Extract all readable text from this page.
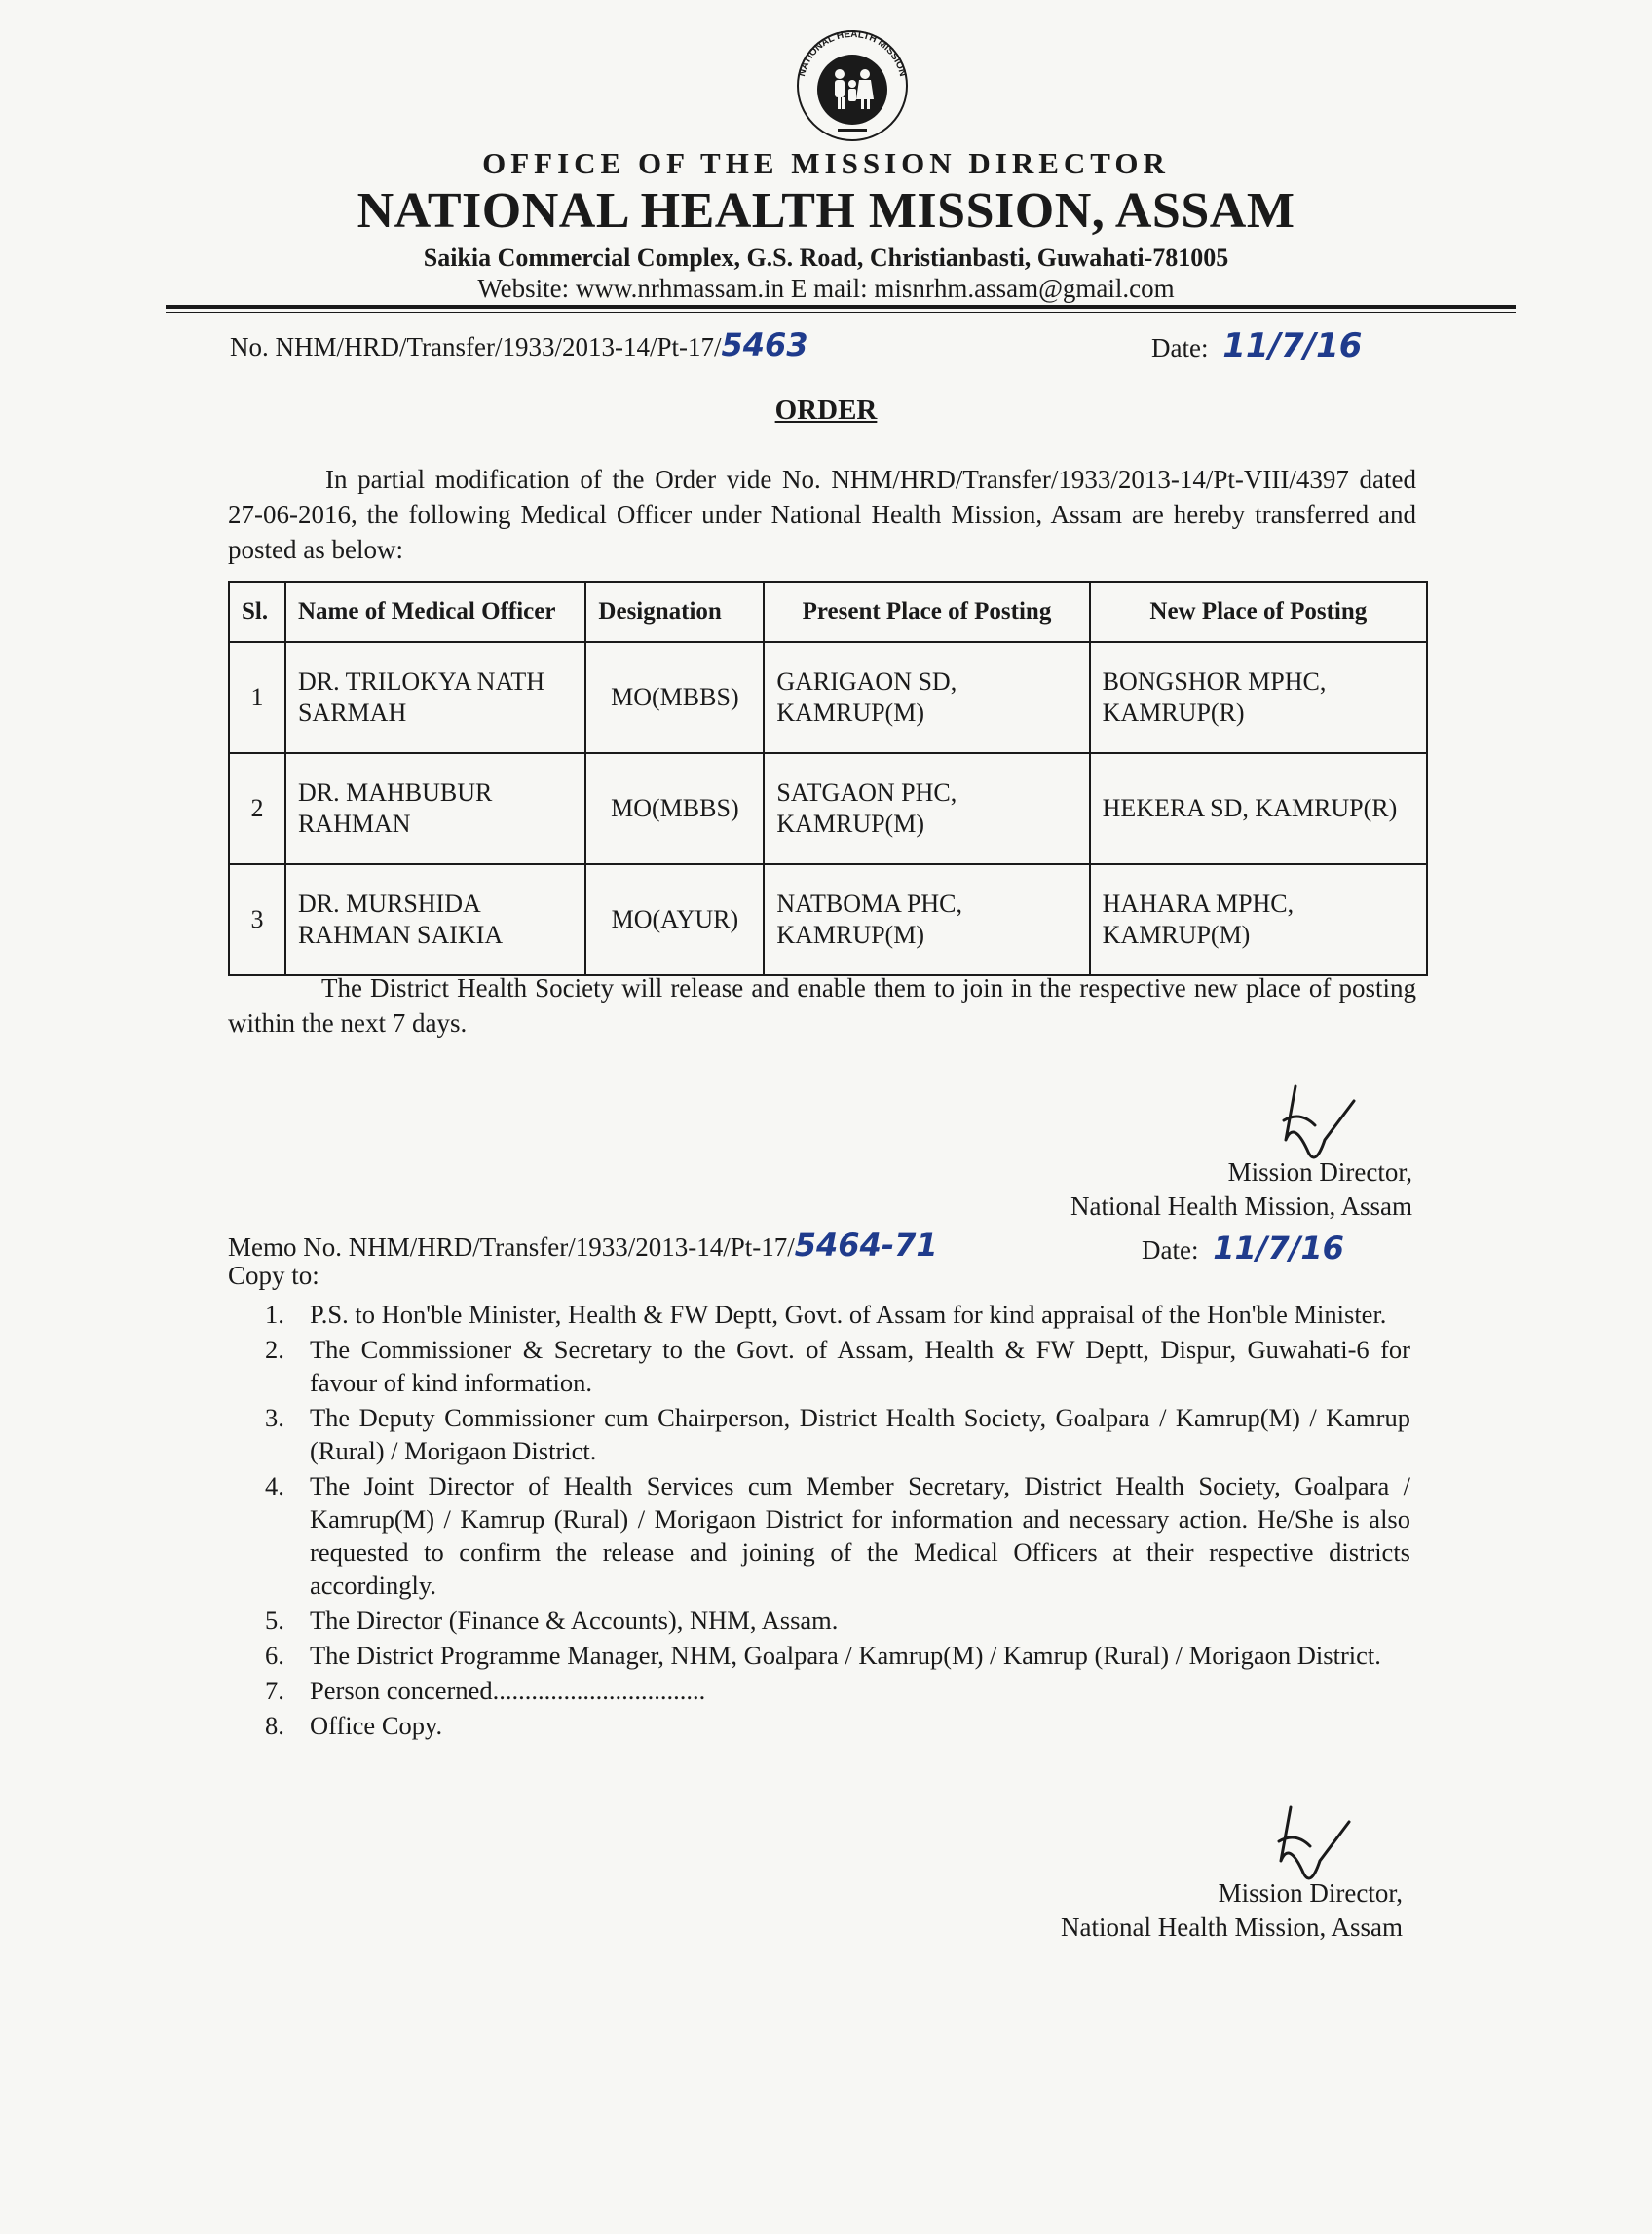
NATIONAL HEALTH MISSION
OFFICE OF THE MISSION DIRECTOR
NATIONAL HEALTH MISSION, ASSAM
Saikia Commercial Complex, G.S. Road, Christianbasti, Guwahati-781005
Website: www.nrhmassam.in E mail: misnrhm.assam@gmail.com
No. NHM/HRD/Transfer/1933/2013-14/Pt-17/5463	Date: 11/7/16
ORDER
In partial modification of the Order vide No. NHM/HRD/Transfer/1933/2013-14/Pt-VIII/4397 dated 27-06-2016, the following Medical Officer under National Health Mission, Assam are hereby transferred and posted as below:
Sl.	Name of Medical Officer	Designation	Present Place of Posting	New Place of Posting
1	DR. TRILOKYA NATH SARMAH	MO(MBBS)	GARIGAON SD, KAMRUP(M)	BONGSHOR MPHC, KAMRUP(R)
2	DR. MAHBUBUR RAHMAN	MO(MBBS)	SATGAON PHC, KAMRUP(M)	HEKERA SD, KAMRUP(R)
3	DR. MURSHIDA RAHMAN SAIKIA	MO(AYUR)	NATBOMA PHC, KAMRUP(M)	HAHARA MPHC, KAMRUP(M)
The District Health Society will release and enable them to join in the respective new place of posting within the next 7 days.
Mission Director,
National Health Mission, Assam
Memo No. NHM/HRD/Transfer/1933/2013-14/Pt-17/5464-71	Date: 11/7/16
Copy to:
1. P.S. to Hon'ble Minister, Health & FW Deptt, Govt. of Assam for kind appraisal of the Hon'ble Minister.
2. The Commissioner & Secretary to the Govt. of Assam, Health & FW Deptt, Dispur, Guwahati-6 for favour of kind information.
3. The Deputy Commissioner cum Chairperson, District Health Society, Goalpara / Kamrup(M) / Kamrup (Rural) / Morigaon District.
4. The Joint Director of Health Services cum Member Secretary, District Health Society, Goalpara / Kamrup(M) / Kamrup (Rural) / Morigaon District for information and necessary action. He/She is also requested to confirm the release and joining of the Medical Officers at their respective districts accordingly.
5. The Director (Finance & Accounts), NHM, Assam.
6. The District Programme Manager, NHM, Goalpara / Kamrup(M) / Kamrup (Rural) / Morigaon District.
7. Person concerned.................................
8. Office Copy.
Mission Director,
National Health Mission, Assam
